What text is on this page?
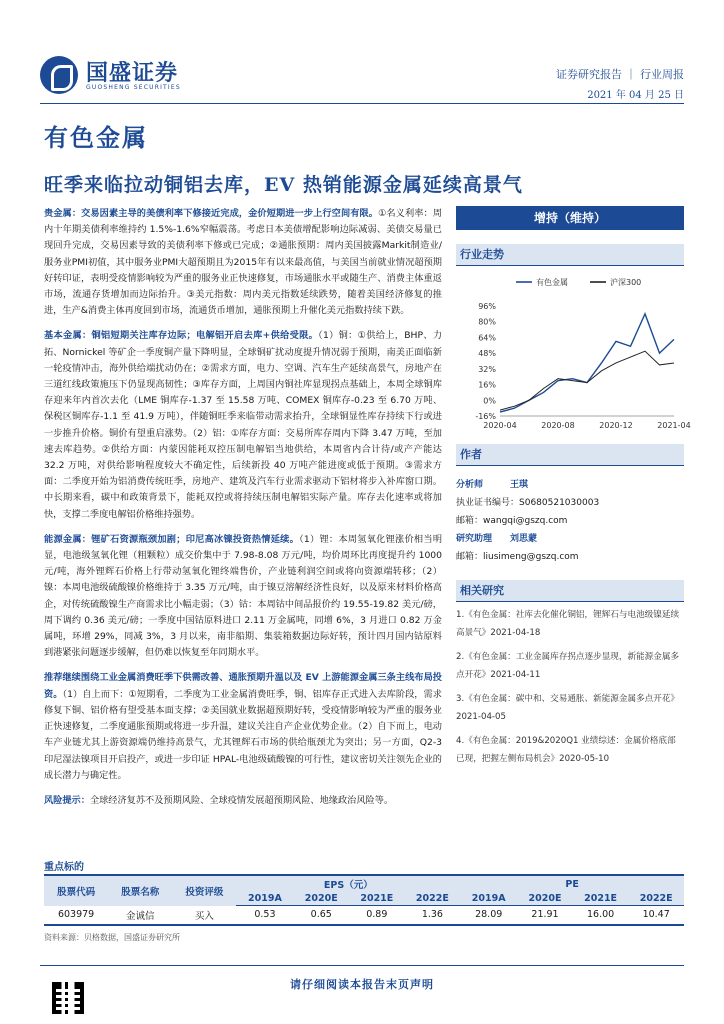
国盛证券
GUOSHENG SECURITIES
证券研究报告 ｜ 行业周报
2021 年 04 月 25 日
有色金属
旺季来临拉动铜铝去库，EV 热销能源金属延续高景气

贵金属：交易因素主导的美债利率下修接近完成，金价短期进一步上行空间有限。①名义利率：周内十年期美债利率维持约 1.5%-1.6%窄幅震荡。考虑日本美债增配影响边际减弱、美债交易量已现回升完成，交易因素导致的美债利率下修或已完成；②通胀预期：周内美国披露Markit制造业/服务业PMI初值，其中服务业PMI大超预期且为2015年有以来最高值，与美国当前就业情况超预期好转印证，表明受疫情影响较为严重的服务业正快速修复，市场通胀水平或随生产、消费主体重返市场，流通存货增加而边际抬升。③美元指数：周内美元指数延续跌势，随着美国经济修复的推进，生产&消费主体再度回到市场，流通货币增加，通胀预期上升催化美元指数持续下跌。

基本金属：铜铝短期关注库存边际；电解铝开启去库+供给受限。（1）铜：①供给上，BHP、力拓、Nornickel 等矿企一季度铜产量下降明显，全球铜矿扰动度提升情况弱于预期，南美正面临新一轮疫情冲击，海外供给端扰动仍在；②需求方面，电力、空调、汽车生产延续高景气，房地产在三道红线政策施压下仍显现高韧性；③库存方面，上周国内铜社库显现拐点基础上，本周全球铜库存迎来年内首次去化（LME 铜库存-1.37 至 15.58 万吨、COMEX 铜库存-0.23 至 6.70 万吨、保税区铜库存-1.1 至 41.9 万吨），伴随铜旺季来临带动需求抬升，全球铜显性库存持续下行或进一步推升价格。铜价有望重启涨势。（2）铝：①库存方面：交易所库存周内下降 3.47 万吨，至加速去库趋势。②供给方面：内蒙因能耗双控压制电解铝当地供给，本周省内合计待/或产产能达 32.2 万吨，对供给影响程度较大不确定性，后续新投 40 万吨产能进度或低于预期。③需求方面：二季度开始为铝消费传统旺季，房地产、建筑及汽车行业需求驱动下铝材将步入补库窗口期。中长期来看，碳中和政策背景下，能耗双控或将持续压制电解铝实际产量。库存去化速率或将加快，支撑二季度电解铝价格维持强势。

能源金属：锂矿石资源瓶颈加剧；印尼高冰镍投资热情延续。（1）锂：本周氢氧化锂涨价相当明显，电池级氢氧化锂（粗颗粒）成交价集中于 7.98-8.08 万元/吨，均价周环比再度提升约 1000 元/吨，海外锂辉石价格上行带动氢氧化锂终端售价，产业链利润空间或将向资源端转移；（2）镍：本周电池级硫酸镍价格维持于 3.35 万元/吨，由于镍豆溶解经济性良好，以及原来材料价格高企，对传统硫酸镍生产商需求比小幅走弱；（3）钴：本周钴中间品报价约 19.55-19.82 美元/磅，周下调约 0.36 美元/磅；一季度中国钴原料进口 2.11 万金属吨，同增 6%，3 月进口 0.82 万金属吨，环增 29%，同减 3%，3 月以来，南非船期、集装箱数据边际好转，预计四月国内钴原料到港紧张问题逐步缓解，但仍难以恢复至年同期水平。

推荐继续围绕工业金属消费旺季下供需改善、通胀预期升温以及 EV 上游能源金属三条主线布局投资。（1）自上而下：①短期看，二季度为工业金属消费旺季，铜、铝库存正式进入去库阶段，需求修复下铜、铝价格有望受基本面支撑；②美国就业数据超预期好转，受疫情影响较为严重的服务业正快速修复，二季度通胀预期或将进一步升温，建议关注自产企业优势企业。（2）自下而上，电动车产业链尤其上游资源端仍维持高景气，尤其锂辉石市场的供给瓶颈尤为突出；另一方面，Q2-3 印尼湿法镍项目开启投产，或进一步印证 HPAL-电池级硫酸镍的可行性，建议密切关注领先企业的成长潜力与确定性。

风险提示：全球经济复苏不及预期风险、全球疫情发展超预期风险、地缘政治风险等。

增持（维持）
行业走势
96%
80%
64%
48%
32%
16%
0%
-16%
2020-04	2020-08	2020-12	2021-04
有色金属	沪深300
作者
分析师	王琪
执业证书编号：S0680521030003
邮箱：wangqi@gszq.com
研究助理 刘思蒙
邮箱：liusimeng@gszq.com
相关研究
1.《有色金属：社库去化催化铜铝，锂辉石与电池级镍延续高景气》2021-04-18
2.《有色金属：工业金属库存拐点逐步显现，新能源金属多点开花》2021-04-11
3.《有色金属：碳中和、交易通胀、新能源金属多点开花》2021-04-05
4.《有色金属：2019&2020Q1 业绩综述：金属价格底部已现，把握左侧布局机会》2020-05-10
重点标的
股票代码	股票名称	投资评级	EPS（元）				PE			
			2019A	2020E	2021E	2022E	2019A	2020E	2021E	2022E
603979	金诚信	买入	0.53	0.65	0.89	1.36	28.09	21.91	16.00	10.47
资料来源：贝格数据，国盛证券研究所
请仔细阅读本报告末页声明
